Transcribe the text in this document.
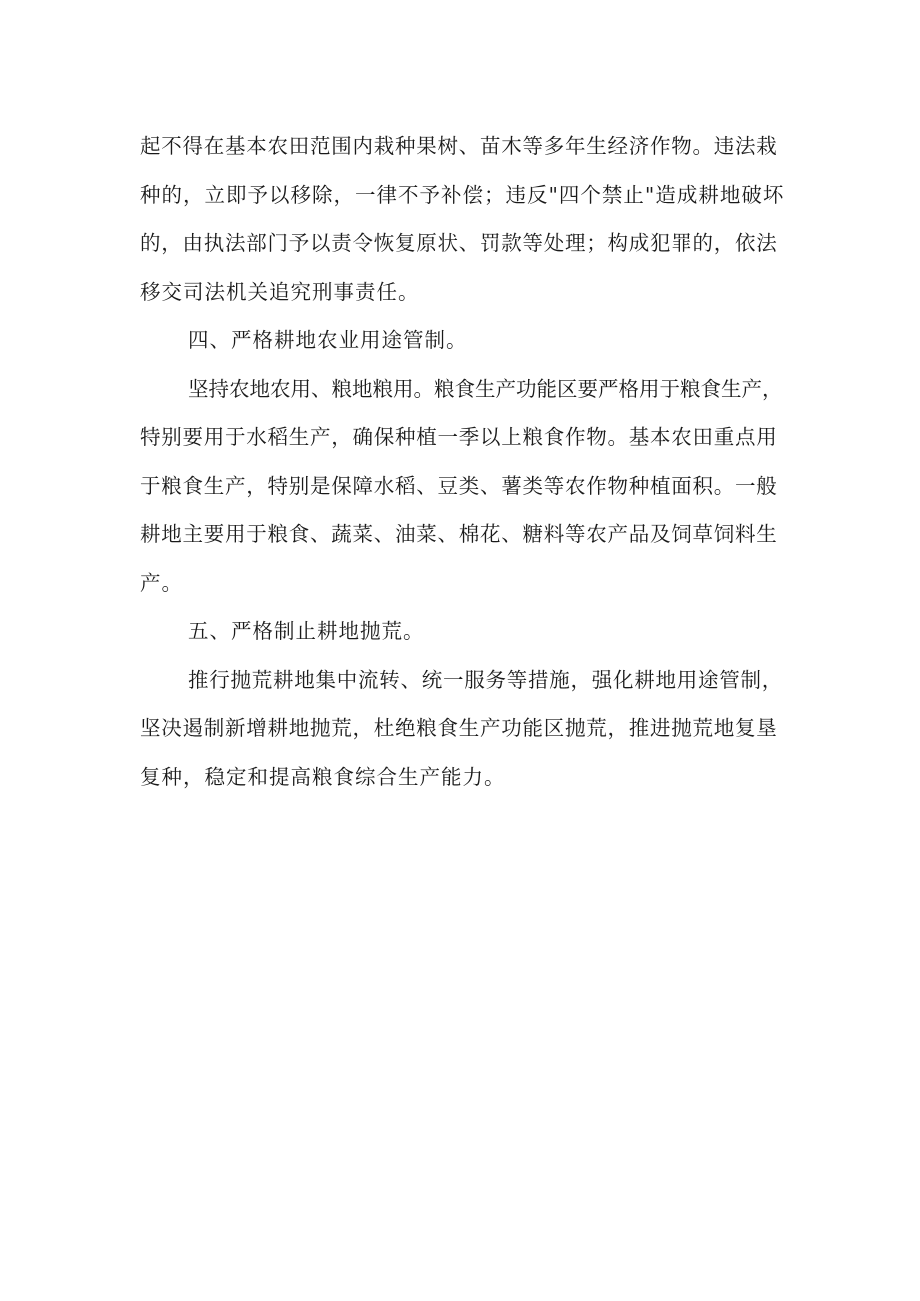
起不得在基本农田范围内栽种果树、苗木等多年生经济作物。违法栽
种的，立即予以移除，一律不予补偿；违反"四个禁止"造成耕地破坏
的，由执法部门予以责令恢复原状、罚款等处理；构成犯罪的，依法
移交司法机关追究刑事责任。

四、严格耕地农业用途管制。

坚持农地农用、粮地粮用。粮食生产功能区要严格用于粮食生产，
特别要用于水稻生产，确保种植一季以上粮食作物。基本农田重点用
于粮食生产，特别是保障水稻、豆类、薯类等农作物种植面积。一般
耕地主要用于粮食、蔬菜、油菜、棉花、糖料等农产品及饲草饲料生
产。

五、严格制止耕地抛荒。

推行抛荒耕地集中流转、统一服务等措施，强化耕地用途管制，
坚决遏制新增耕地抛荒，杜绝粮食生产功能区抛荒，推进抛荒地复垦
复种，稳定和提高粮食综合生产能力。
